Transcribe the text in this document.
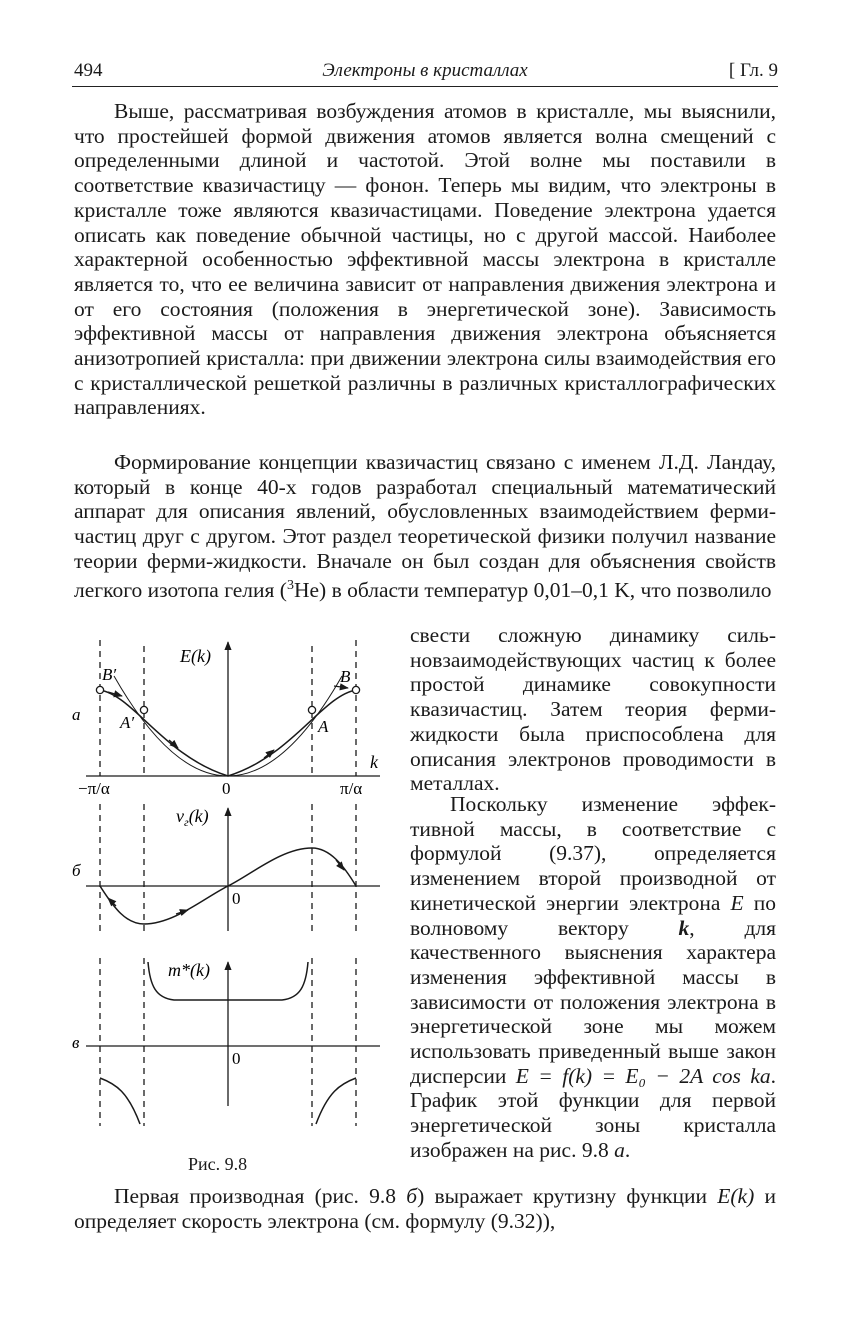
494	Электроны в кристаллах	[ Гл. 9
Выше, рассматривая возбуждения атомов в кристалле, мы выяснили, что простейшей формой движения атомов является волна смещений с определенными длиной и частотой. Этой волне мы поставили в соответствие квазичастицу — фонон. Теперь мы видим, что электроны в кристалле тоже являются квазичастицами. Поведение электрона удается описать как поведение обычной частицы, но с другой массой. Наиболее характерной особенностью эффективной массы электрона в кристалле является то, что ее величина зависит от направления движения электрона и от его состояния (положения в энергетической зоне). Зависимость эффективной массы от направления движения электрона объясняется анизотропией кристалла: при движении электрона силы взаимодействия его с кристаллической решеткой различны в различных кристаллографических направлениях.
Формирование концепции квазичастиц связано с именем Л.Д. Ландау, который в конце 40-х годов разработал специальный математический аппарат для описания явлений, обусловленных взаимодействием ферми-частиц друг с другом. Этот раздел теоретической физики получил название теории ферми-жидкости. Вначале он был создан для объяснения свойств легкого изотопа гелия ($^3$He) в области температур 0,01–0,1 K, что позволило
свести сложную динамику сильновзаимодействующих частиц к более простой динамике совокупности квазичастиц. Затем теория ферми-жидкости была приспособлена для описания электронов проводимости в металлах.
Поскольку изменение эффективной массы, в соответствие с формулой (9.37), определяется изменением второй производной от кинетической энергии электрона E по волновому вектору k, для качественного выяснения характера изменения эффективной массы в зависимости от положения электрона в энергетической зоне мы можем использовать приведенный выше закон дисперсии E = f(k) = E₀ − 2A cos ka. График этой функции для первой энергетической зоны кристалла изображен на рис. 9.8 а.
Первая производная (рис. 9.8 б) выражает крутизну функции E(k) и определяет скорость электрона (см. формулу (9.32)),
а
E(k)
k
−π/α	0	π/α
B′
A′	A
B
б
$v_г(k)$
0
в
m*(k)
0
Рис. 9.8
